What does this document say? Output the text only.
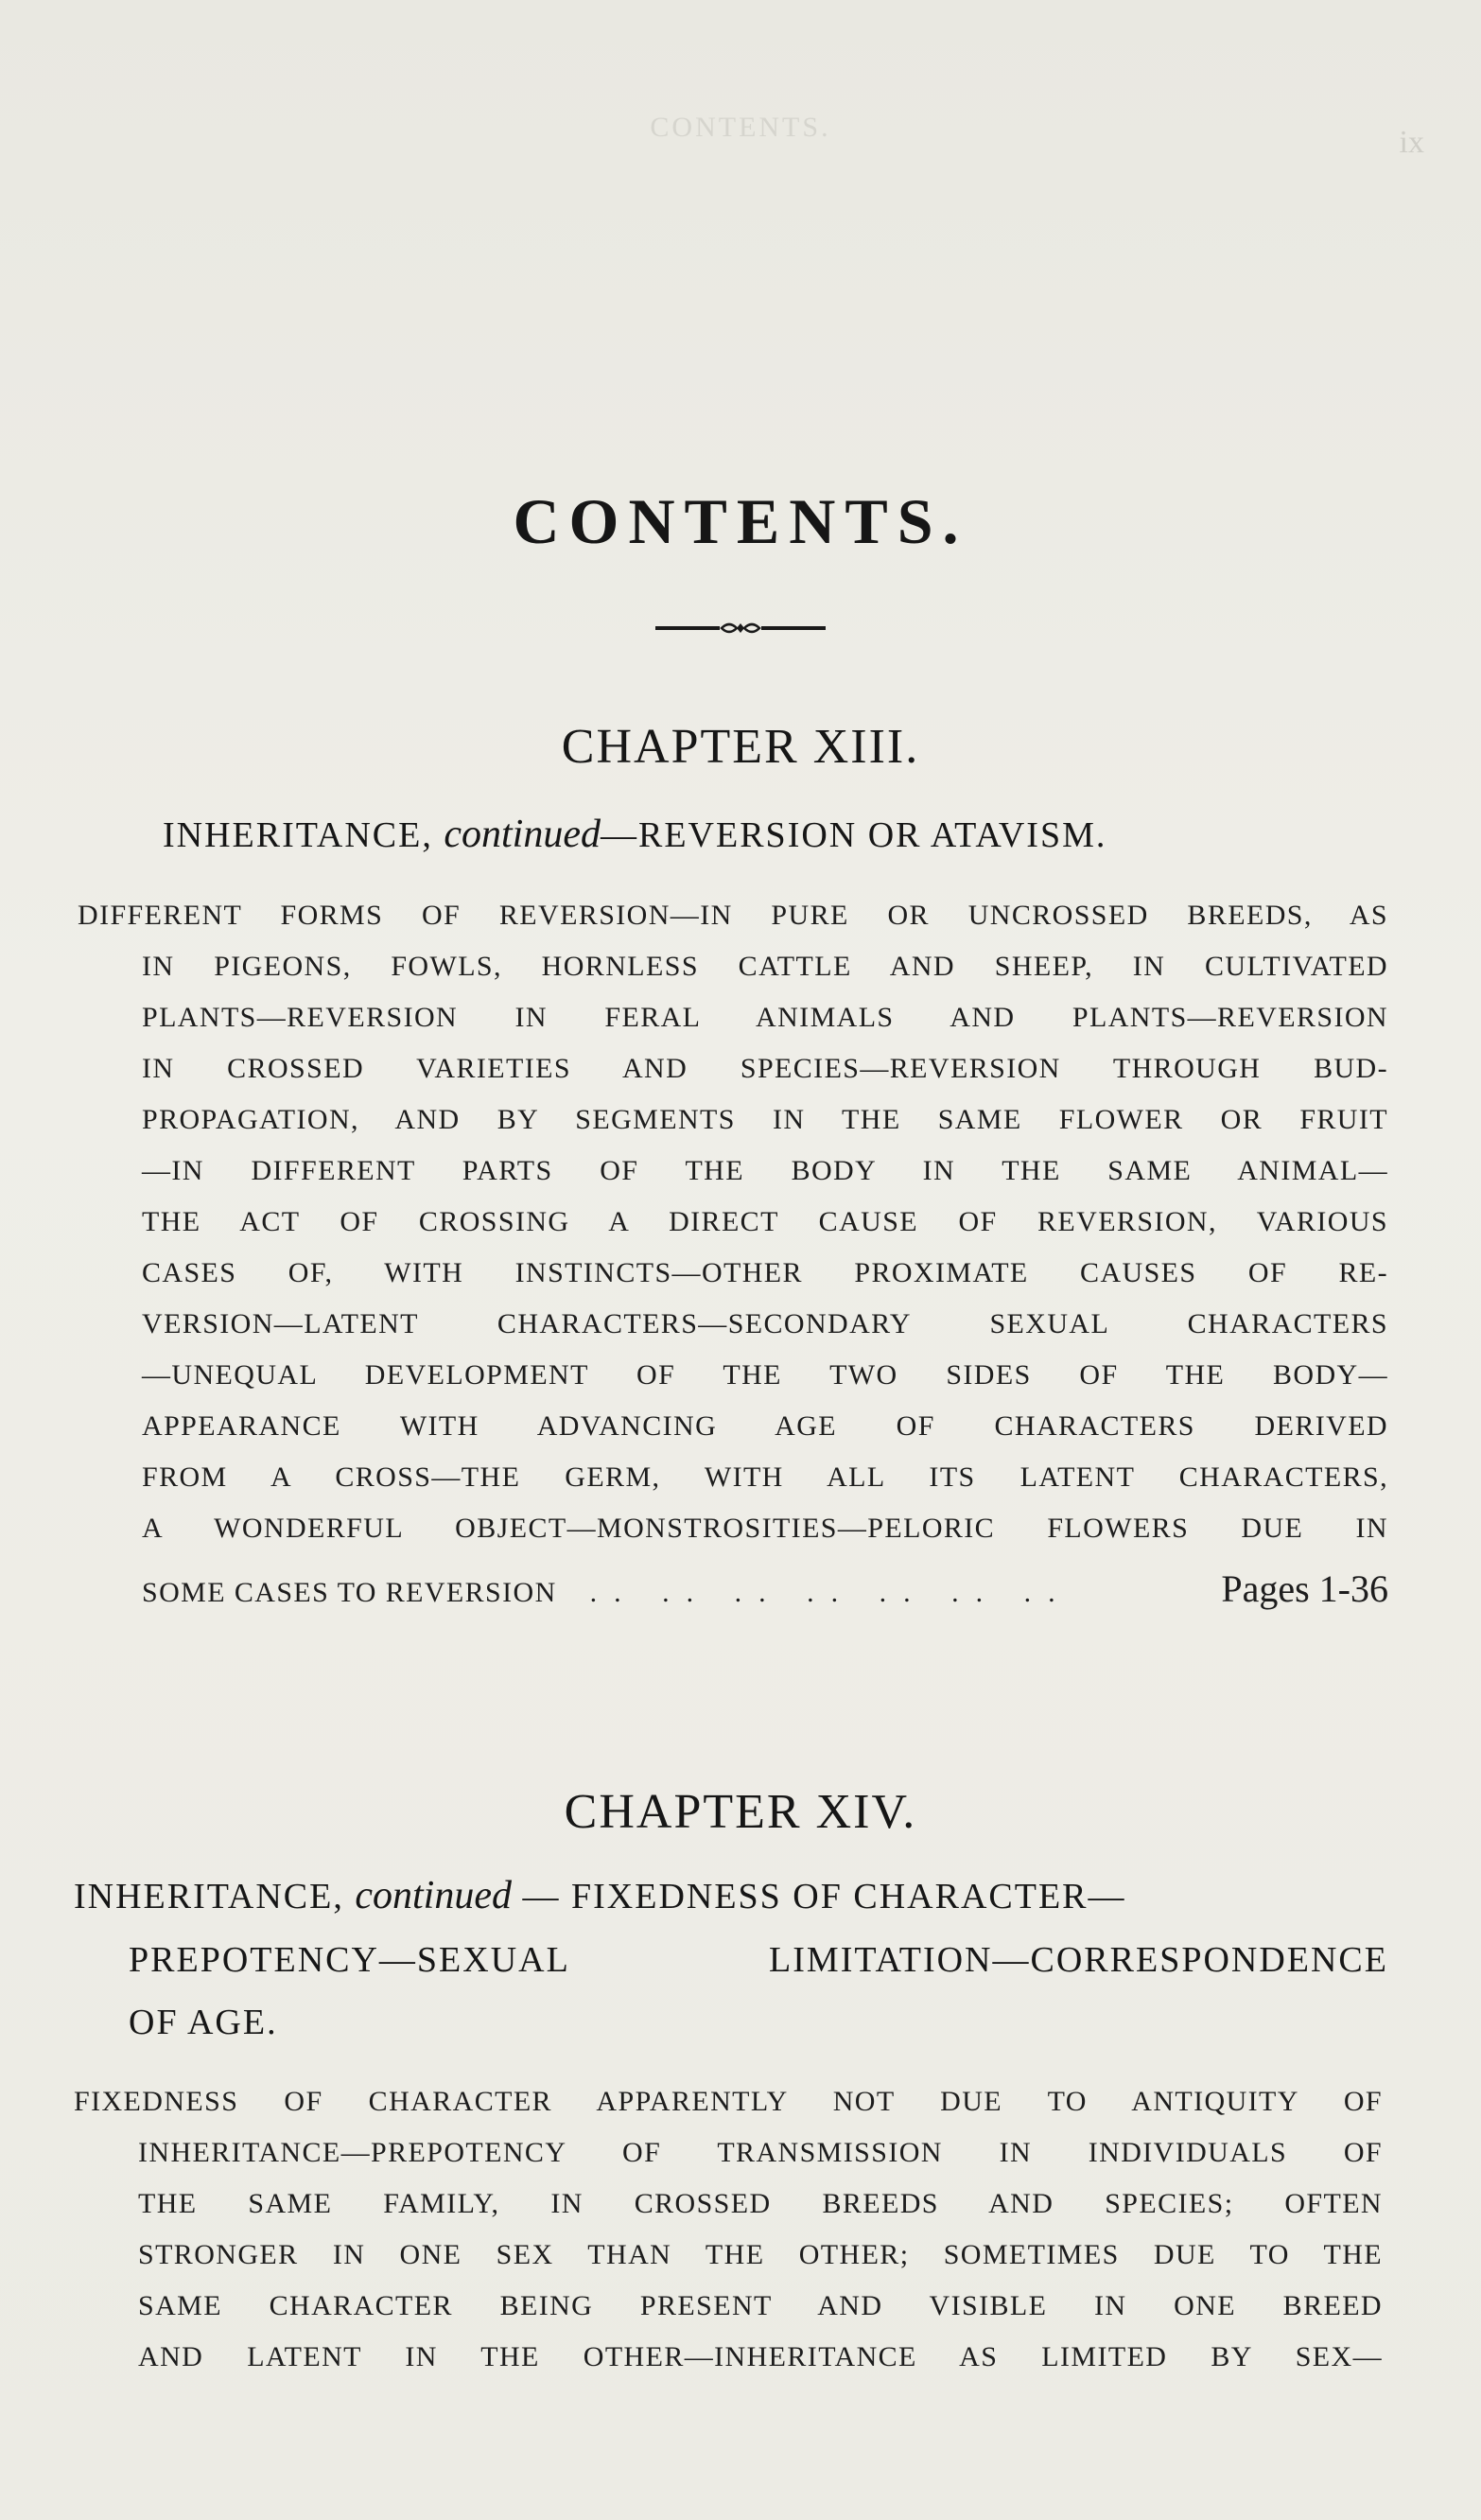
CONTENTS.	ix
CONTENTS.
CHAPTER XIII.
INHERITANCE, continued—REVERSION OR ATAVISM.
DIFFERENT FORMS OF REVERSION—IN PURE OR UNCROSSED BREEDS, AS
IN PIGEONS, FOWLS, HORNLESS CATTLE AND SHEEP, IN CULTIVATED
PLANTS—REVERSION IN FERAL ANIMALS AND PLANTS—REVERSION
IN CROSSED VARIETIES AND SPECIES—REVERSION THROUGH BUD-
PROPAGATION, AND BY SEGMENTS IN THE SAME FLOWER OR FRUIT
—IN DIFFERENT PARTS OF THE BODY IN THE SAME ANIMAL—
THE ACT OF CROSSING A DIRECT CAUSE OF REVERSION, VARIOUS
CASES OF, WITH INSTINCTS—OTHER PROXIMATE CAUSES OF RE-
VERSION—LATENT CHARACTERS—SECONDARY SEXUAL CHARACTERS
—UNEQUAL DEVELOPMENT OF THE TWO SIDES OF THE BODY—
APPEARANCE WITH ADVANCING AGE OF CHARACTERS DERIVED
FROM A CROSS—THE GERM, WITH ALL ITS LATENT CHARACTERS,
A WONDERFUL OBJECT—MONSTROSITIES—PELORIC FLOWERS DUE IN
SOME CASES TO REVERSION .. .. .. .. .. .. ..	Pages 1-36
CHAPTER XIV.
INHERITANCE, continued — FIXEDNESS OF CHARACTER—
PREPOTENCY—SEXUAL LIMITATION—CORRESPONDENCE
OF AGE.
FIXEDNESS OF CHARACTER APPARENTLY NOT DUE TO ANTIQUITY OF
INHERITANCE—PREPOTENCY OF TRANSMISSION IN INDIVIDUALS OF
THE SAME FAMILY, IN CROSSED BREEDS AND SPECIES; OFTEN
STRONGER IN ONE SEX THAN THE OTHER; SOMETIMES DUE TO THE
SAME CHARACTER BEING PRESENT AND VISIBLE IN ONE BREED
AND LATENT IN THE OTHER—INHERITANCE AS LIMITED BY SEX—
